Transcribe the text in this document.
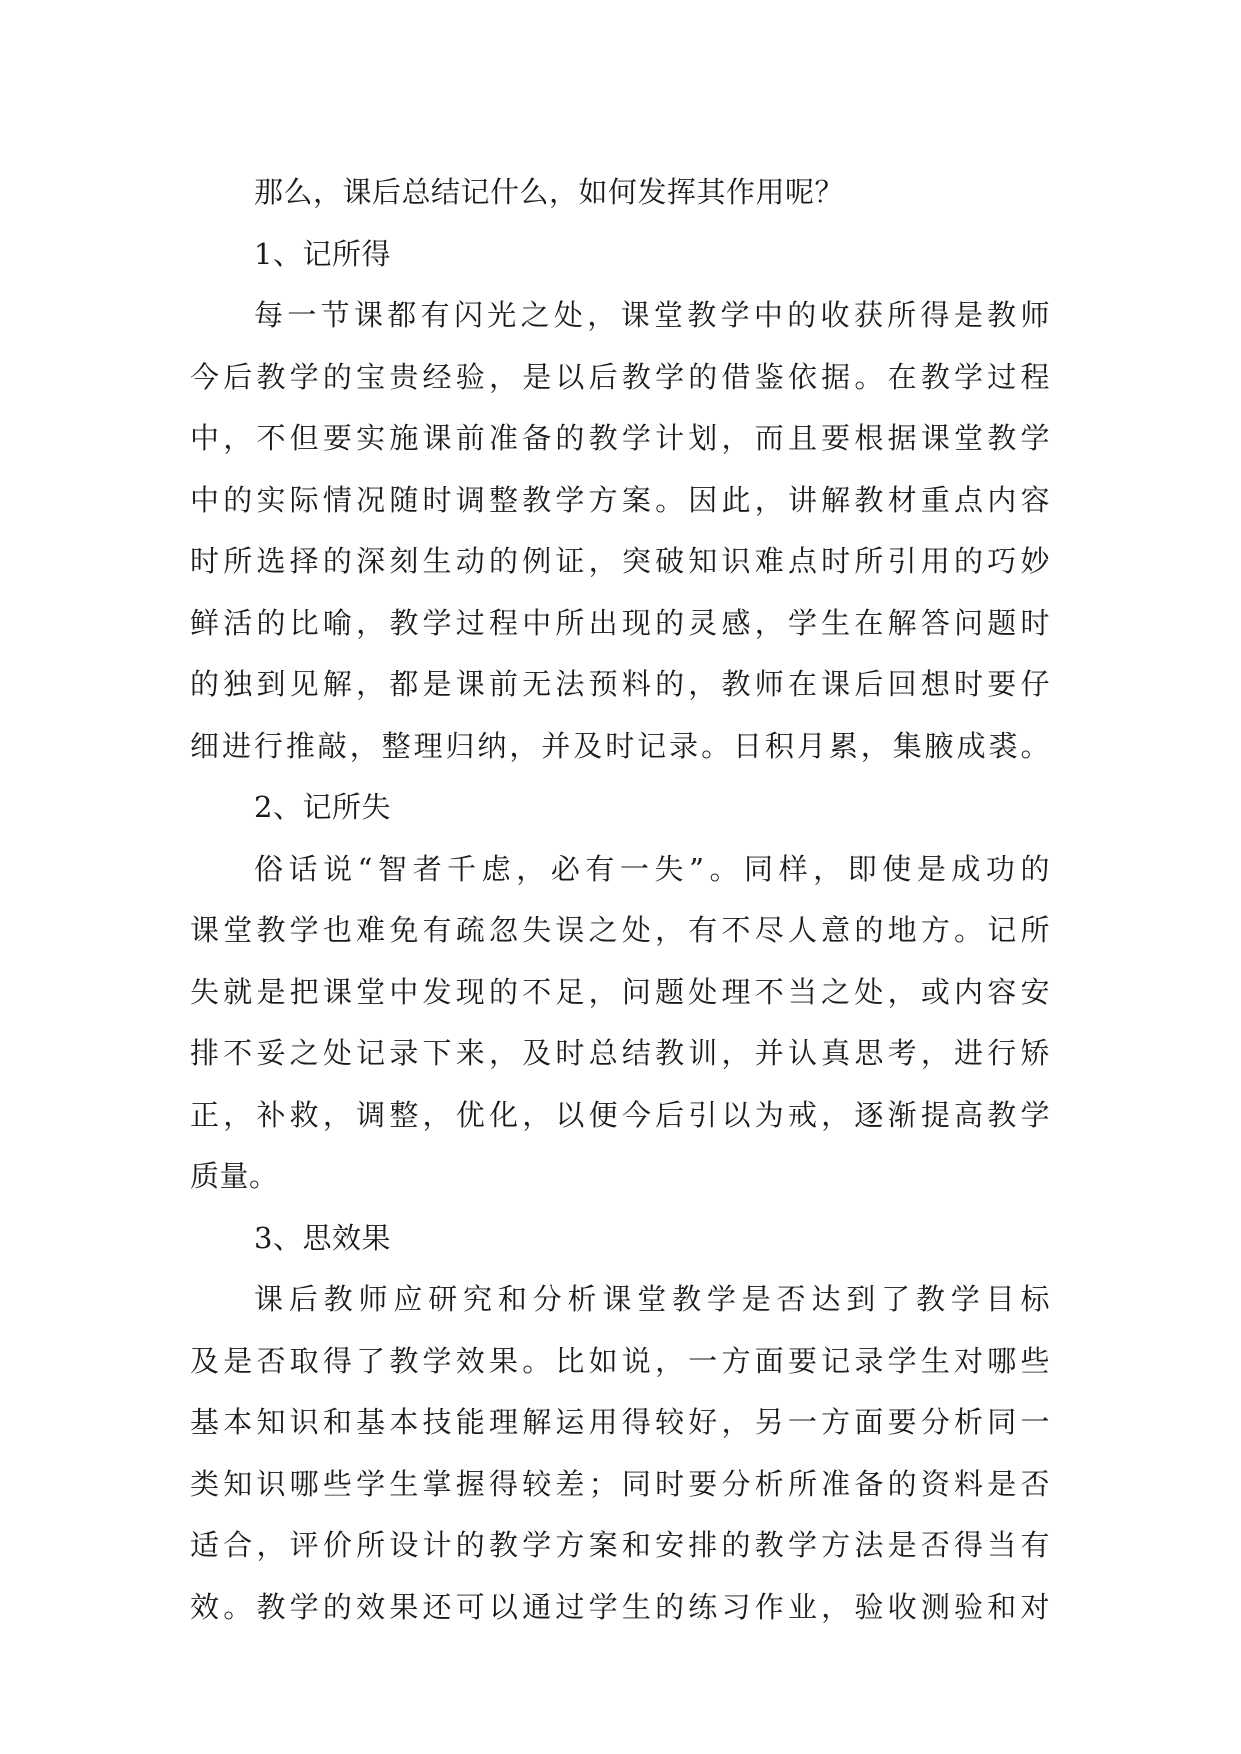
那么，课后总结记什么，如何发挥其作用呢？
1、记所得
每一节课都有闪光之处，课堂教学中的收获所得是教师
今后教学的宝贵经验，是以后教学的借鉴依据。在教学过程
中，不但要实施课前准备的教学计划，而且要根据课堂教学
中的实际情况随时调整教学方案。因此，讲解教材重点内容
时所选择的深刻生动的例证，突破知识难点时所引用的巧妙
鲜活的比喻，教学过程中所出现的灵感，学生在解答问题时
的独到见解，都是课前无法预料的，教师在课后回想时要仔
细进行推敲，整理归纳，并及时记录。日积月累，集腋成裘。
2、记所失
俗话说“智者千虑，必有一失”。同样，即使是成功的
课堂教学也难免有疏忽失误之处，有不尽人意的地方。记所
失就是把课堂中发现的不足，问题处理不当之处，或内容安
排不妥之处记录下来，及时总结教训，并认真思考，进行矫
正，补救，调整，优化，以便今后引以为戒，逐渐提高教学
质量。
3、思效果
课后教师应研究和分析课堂教学是否达到了教学目标
及是否取得了教学效果。比如说，一方面要记录学生对哪些
基本知识和基本技能理解运用得较好，另一方面要分析同一
类知识哪些学生掌握得较差；同时要分析所准备的资料是否
适合，评价所设计的教学方案和安排的教学方法是否得当有
效。教学的效果还可以通过学生的练习作业，验收测验和对
